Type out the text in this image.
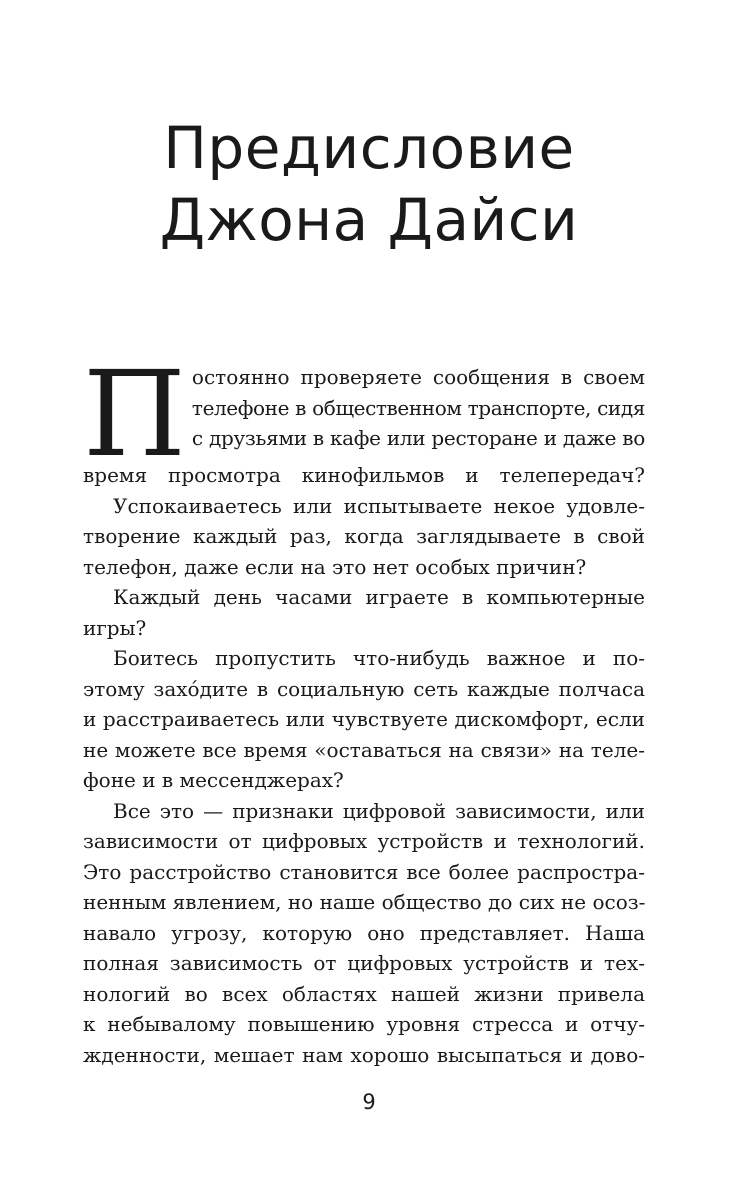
Предисловие
Джона Дайси
П остоянно проверяете сообщения в своем
телефоне в общественном транспорте, сидя
с друзьями в кафе или ресторане и даже во
время просмотра кинофильмов и телепередач?
Успокаиваетесь или испытываете некое удовле-
творение каждый раз, когда заглядываете в свой
телефон, даже если на это нет особых причин?
Каждый день часами играете в компьютерные
игры?
Боитесь пропустить что-нибудь важное и по-
этому захóдите в социальную сеть каждые полчаса
и расстраиваетесь или чувствуете дискомфорт, если
не можете все время «оставаться на связи» на теле-
фоне и в мессенджерах?
Все это — признаки цифровой зависимости, или
зависимости от цифровых устройств и технологий.
Это расстройство становится все более распростра-
ненным явлением, но наше общество до сих не осоз-
навало угрозу, которую оно представляет. Наша
полная зависимость от цифровых устройств и тех-
нологий во всех областях нашей жизни привела
к небывалому повышению уровня стресса и отчу-
жденности, мешает нам хорошо высыпаться и дово-
9
